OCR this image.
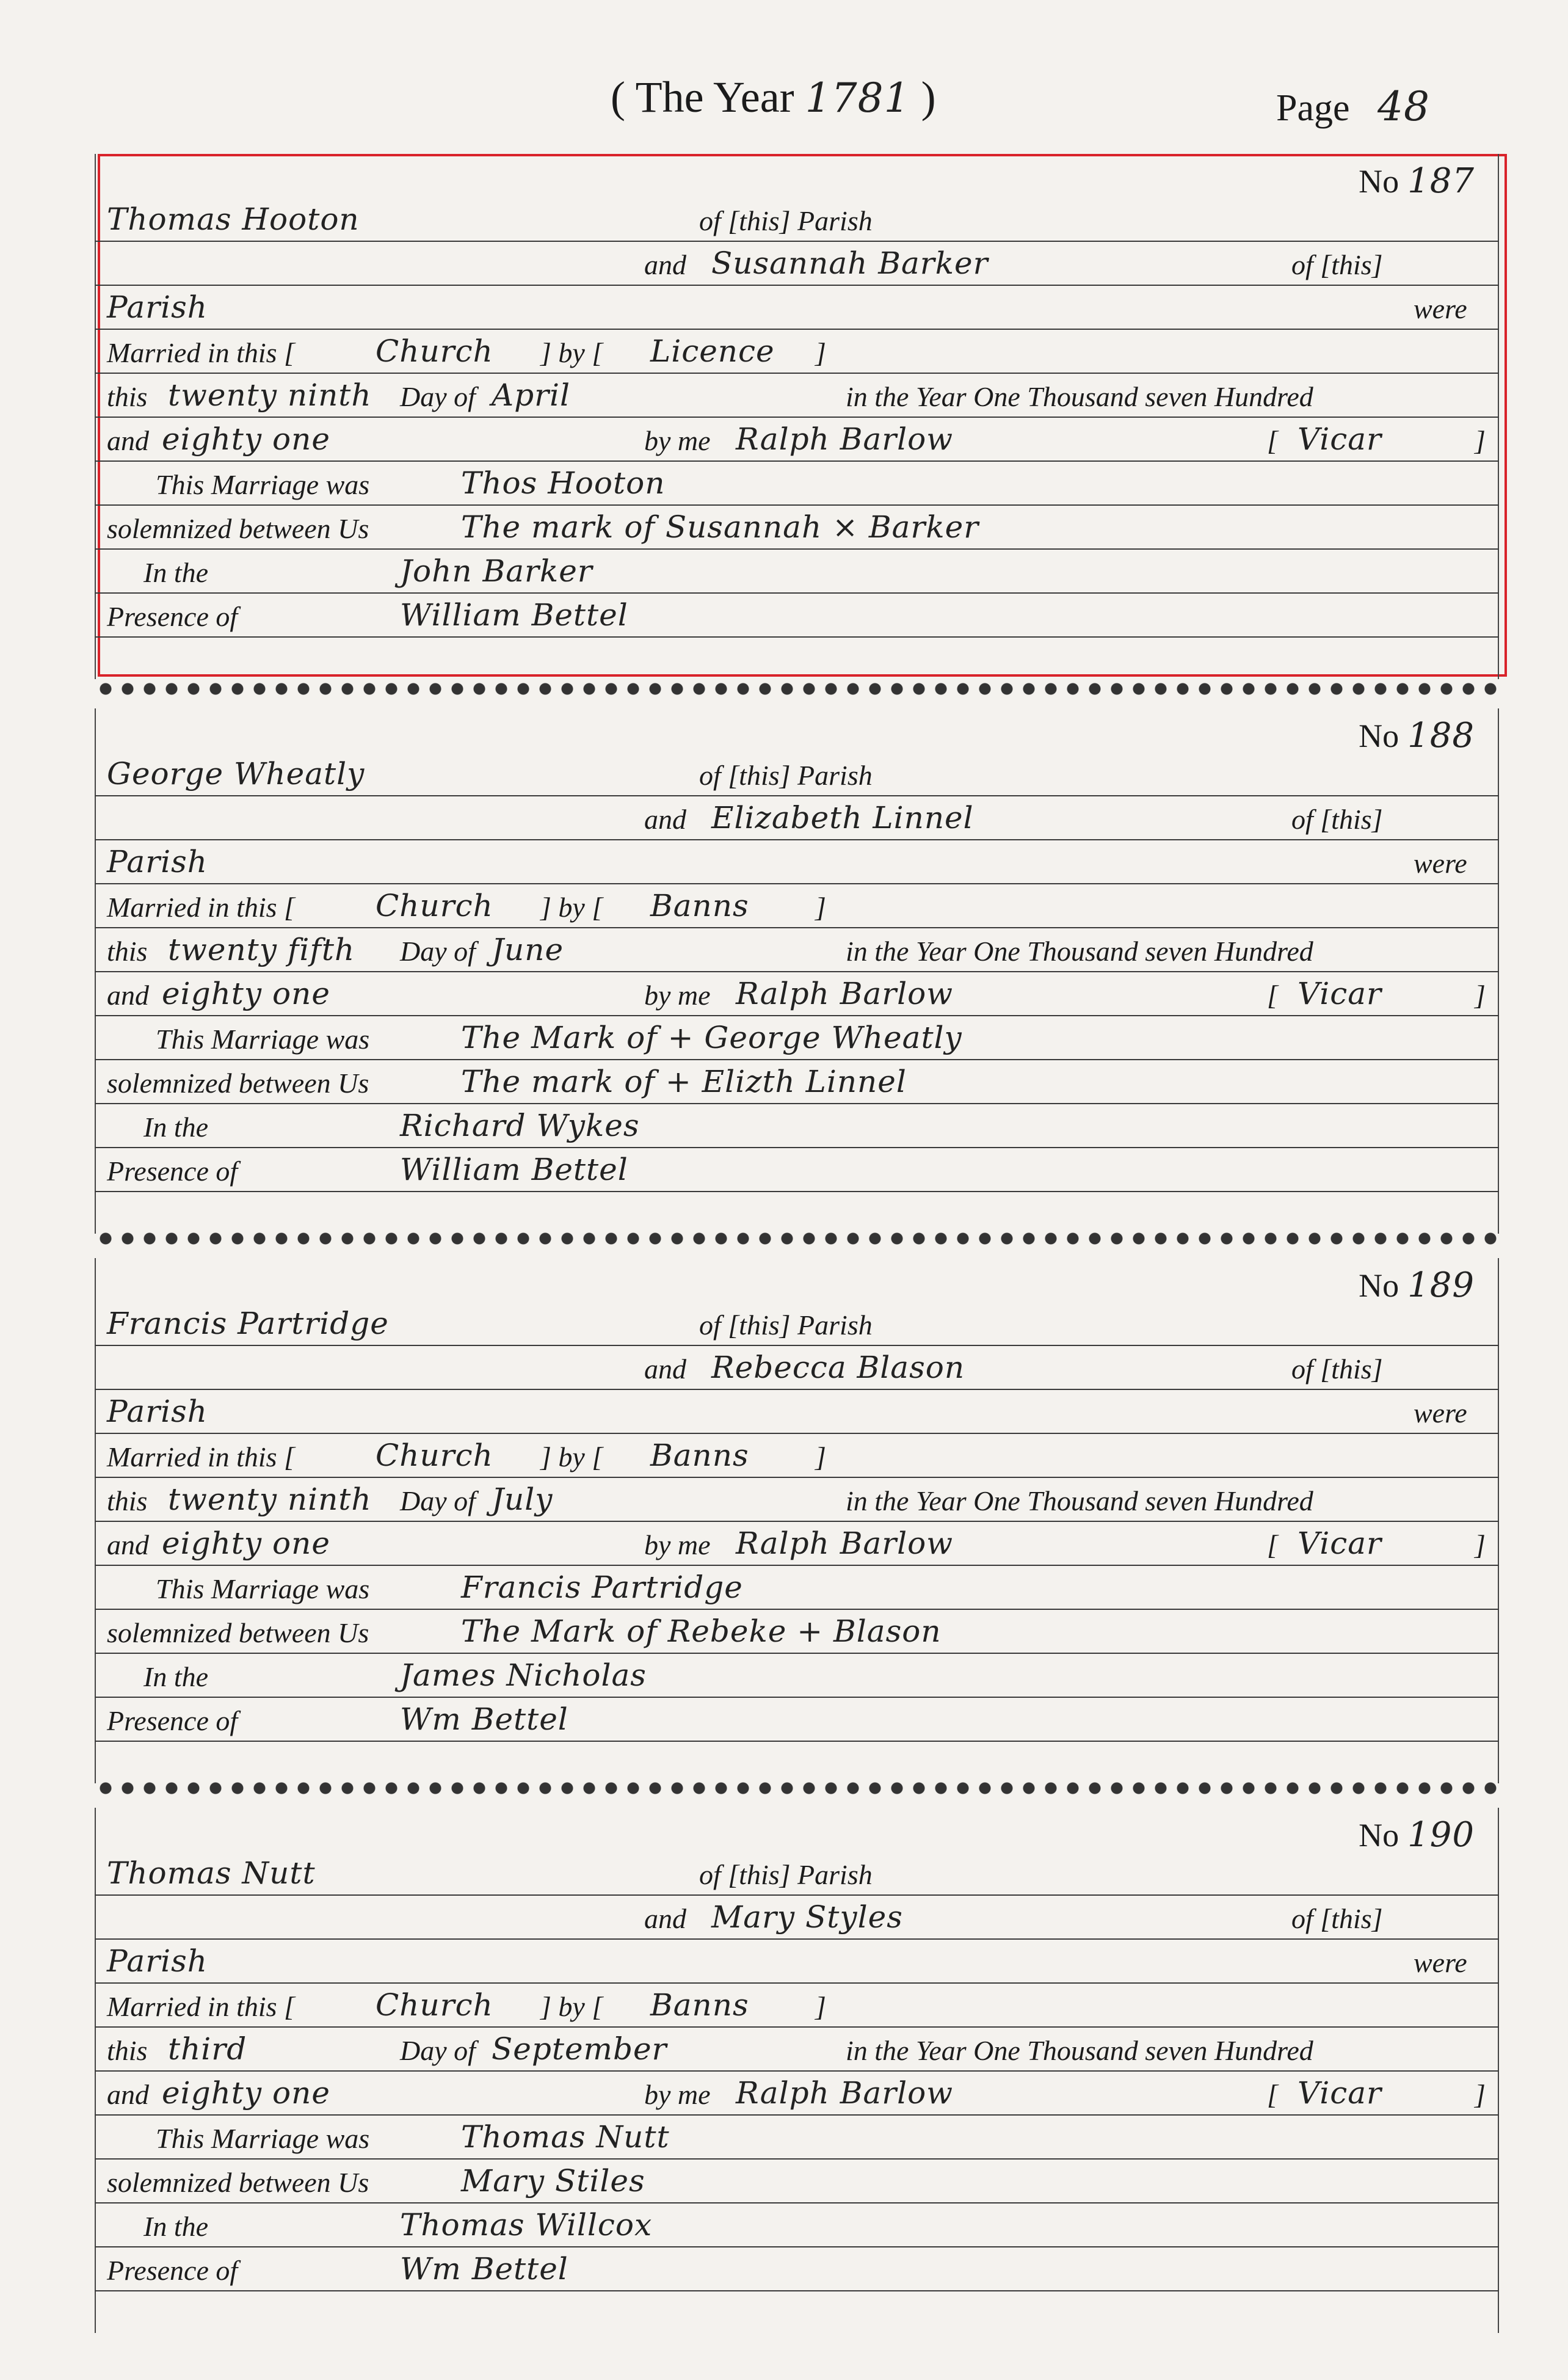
( The Year 1781 )	Page 48
No 187
Thomas Hooton	of [this] Parish
and Susannah Barker	of [this]
Parish	were
Married in this [	Church ] by [ Licence ]
this twenty ninth Day of April	in the Year One Thousand seven Hundred
and eighty one	by me Ralph Barlow	[ Vicar	]
This Marriage was	Thos Hooton
solemnized between Us	The mark of Susannah × Barker
In the	John Barker
Presence of	William Bettel
No 188
George Wheatly	of [this] Parish
and Elizabeth Linnel	of [this]
Parish	were
Married in this [	Church ] by [ Banns ]
this twenty fifth Day of June	in the Year One Thousand seven Hundred
and eighty one	by me Ralph Barlow	[ Vicar	]
This Marriage was	The Mark of + George Wheatly
solemnized between Us	The mark of + Elizth Linnel
In the	Richard Wykes
Presence of	William Bettel
No 189
Francis Partridge	of [this] Parish
and Rebecca Blason	of [this]
Parish	were
Married in this [	Church ] by [ Banns ]
this twenty ninth Day of July	in the Year One Thousand seven Hundred
and eighty one	by me Ralph Barlow	[ Vicar	]
This Marriage was	Francis Partridge
solemnized between Us	The Mark of Rebeke + Blason
In the	James Nicholas
Presence of	Wm Bettel
No 190
Thomas Nutt	of [this] Parish
and Mary Styles	of [this]
Parish	were
Married in this [	Church ] by [ Banns ]
this third	Day of September	in the Year One Thousand seven Hundred
and eighty one	by me Ralph Barlow	[ Vicar	]
This Marriage was	Thomas Nutt
solemnized between Us	Mary Stiles
In the	Thomas Willcox
Presence of	Wm Bettel
